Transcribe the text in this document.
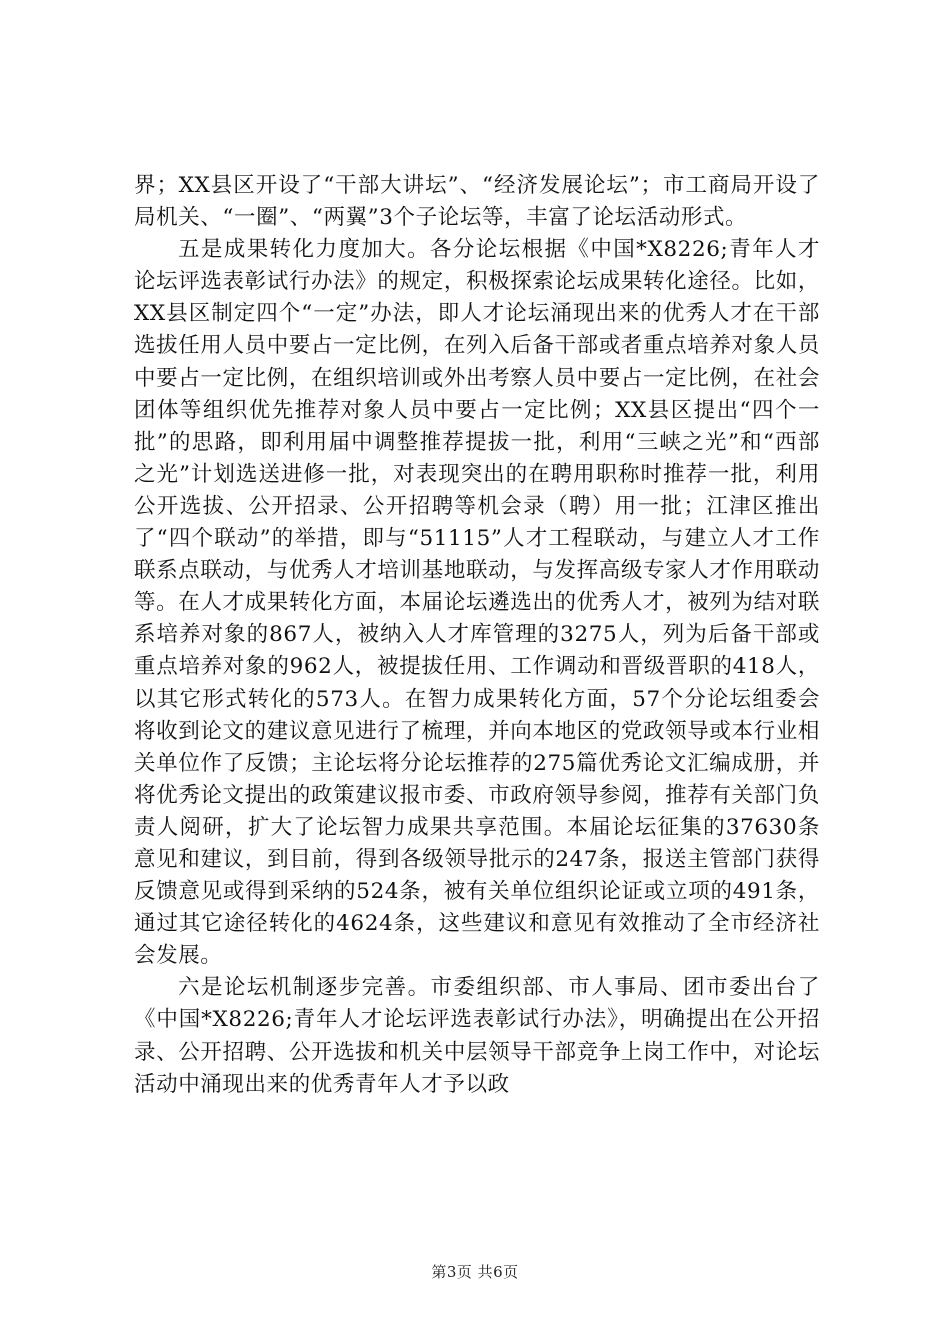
界；XX县区开设了“干部大讲坛”、“经济发展论坛”；市工商局开设了局机关、“一圈”、“两翼”3个子论坛等，丰富了论坛活动形式。

五是成果转化力度加大。各分论坛根据《中国*X8226;青年人才论坛评选表彰试行办法》的规定，积极探索论坛成果转化途径。比如，XX县区制定四个“一定”办法，即人才论坛涌现出来的优秀人才在干部选拔任用人员中要占一定比例，在列入后备干部或者重点培养对象人员中要占一定比例，在组织培训或外出考察人员中要占一定比例，在社会团体等组织优先推荐对象人员中要占一定比例；XX县区提出“四个一批”的思路，即利用届中调整推荐提拔一批，利用“三峡之光”和“西部之光”计划选送进修一批，对表现突出的在聘用职称时推荐一批，利用公开选拔、公开招录、公开招聘等机会录（聘）用一批；江津区推出了“四个联动”的举措，即与“51115”人才工程联动，与建立人才工作联系点联动，与优秀人才培训基地联动，与发挥高级专家人才作用联动等。在人才成果转化方面，本届论坛遴选出的优秀人才，被列为结对联系培养对象的867人，被纳入人才库管理的3275人，列为后备干部或重点培养对象的962人，被提拔任用、工作调动和晋级晋职的418人，以其它形式转化的573人。在智力成果转化方面，57个分论坛组委会将收到论文的建议意见进行了梳理，并向本地区的党政领导或本行业相关单位作了反馈；主论坛将分论坛推荐的275篇优秀论文汇编成册，并将优秀论文提出的政策建议报市委、市政府领导参阅，推荐有关部门负责人阅研，扩大了论坛智力成果共享范围。本届论坛征集的37630条意见和建议，到目前，得到各级领导批示的247条，报送主管部门获得反馈意见或得到采纳的524条，被有关单位组织论证或立项的491条，通过其它途径转化的4624条，这些建议和意见有效推动了全市经济社会发展。

六是论坛机制逐步完善。市委组织部、市人事局、团市委出台了《中国*X8226;青年人才论坛评选表彰试行办法》，明确提出在公开招录、公开招聘、公开选拔和机关中层领导干部竞争上岗工作中，对论坛活动中涌现出来的优秀青年人才予以政

第3页 共6页
